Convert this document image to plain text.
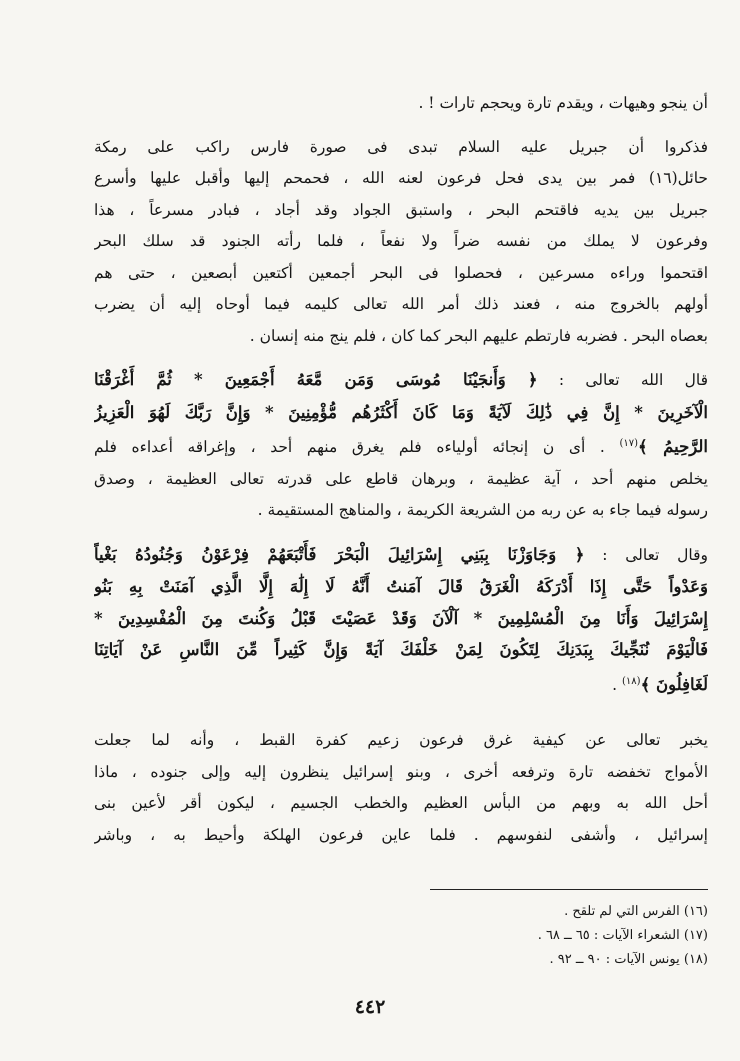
أن ينجو وهيهات ، ويقدم تارة ويحجم تارات ! .
فذكروا أن جبريل عليه السلام تبدى فى صورة فارس راكب على رمكة
حائل(١٦) فمر بين يدى فحل فرعون لعنه الله ، فحمحم إليها وأقبل عليها وأسرع
جبريل بين يديه فاقتحم البحر ، واستبق الجواد وقد أجاد ، فبادر مسرعاً ، هذا
وفرعون لا يملك من نفسه ضراً ولا نفعاً ، فلما رأته الجنود قد سلك البحر
اقتحموا وراءه مسرعين ، فحصلوا فى البحر أجمعين أكتعين أبصعين ، حتى هم
أولهم بالخروج منه ، فعند ذلك أمر الله تعالى كليمه فيما أوحاه إليه أن يضرب
بعصاه البحر . فضربه فارتطم عليهم البحر كما كان ، فلم ينج منه إنسان .
قال الله تعالى : ﴿ وَأَنجَيْنَا مُوسَى وَمَن مَّعَهُ أَجْمَعِينَ * ثُمَّ أَغْرَقْنَا
الْآخَرِينَ * إِنَّ فِي ذَٰلِكَ لَآيَةً وَمَا كَانَ أَكْثَرُهُم مُّؤْمِنِينَ * وَإِنَّ رَبَّكَ لَهُوَ الْعَزِيزُ
الرَّحِيمُ ﴾$^{(١٧)}$ . أى ن إنجائه أولياءه فلم يغرق منهم أحد ، وإغراقه أعداءه فلم
يخلص منهم أحد ، آية عظيمة ، وبرهان قاطع على قدرته تعالى العظيمة ، وصدق
رسوله فيما جاء به عن ربه من الشريعة الكريمة ، والمناهج المستقيمة .
وقال تعالى : ﴿ وَجَاوَزْنَا بِبَنِي إِسْرَائِيلَ الْبَحْرَ فَأَتْبَعَهُمْ فِرْعَوْنُ وَجُنُودُهُ بَغْياً
وَعَدْواً حَتَّى إِذَا أَدْرَكَهُ الْغَرَقُ قَالَ آمَنتُ أَنَّهُ لَا إِلَٰهَ إِلَّا الَّذِي آمَنَتْ بِهِ بَنُو
إِسْرَائِيلَ وَأَنَا مِنَ الْمُسْلِمِينَ * آلْآنَ وَقَدْ عَصَيْتَ قَبْلُ وَكُنتَ مِنَ الْمُفْسِدِينَ *
فَالْيَوْمَ نُنَجِّيكَ بِبَدَنِكَ لِتَكُونَ لِمَنْ خَلْفَكَ آيَةً وَإِنَّ كَثِيراً مِّنَ النَّاسِ عَنْ آيَاتِنَا
لَغَافِلُونَ ﴾$^{(١٨)}$ .
يخبر تعالى عن كيفية غرق فرعون زعيم كفرة القبط ، وأنه لما جعلت
الأمواج تخفضه تارة وترفعه أخرى ، وبنو إسرائيل ينظرون إليه وإلى جنوده ، ماذا
أحل الله به وبهم من البأس العظيم والخطب الجسيم ، ليكون أقر لأعين بنى
إسرائيل ، وأشفى لنفوسهم . فلما عاين فرعون الهلكة وأحيط به ، وباشر
(١٦) الفرس التي لم تلقح .
(١٧) الشعراء الآيات : ٦٥ ــ ٦٨ .
(١٨) يونس الآيات : ٩٠ ــ ٩٢ .
٤٤٢
